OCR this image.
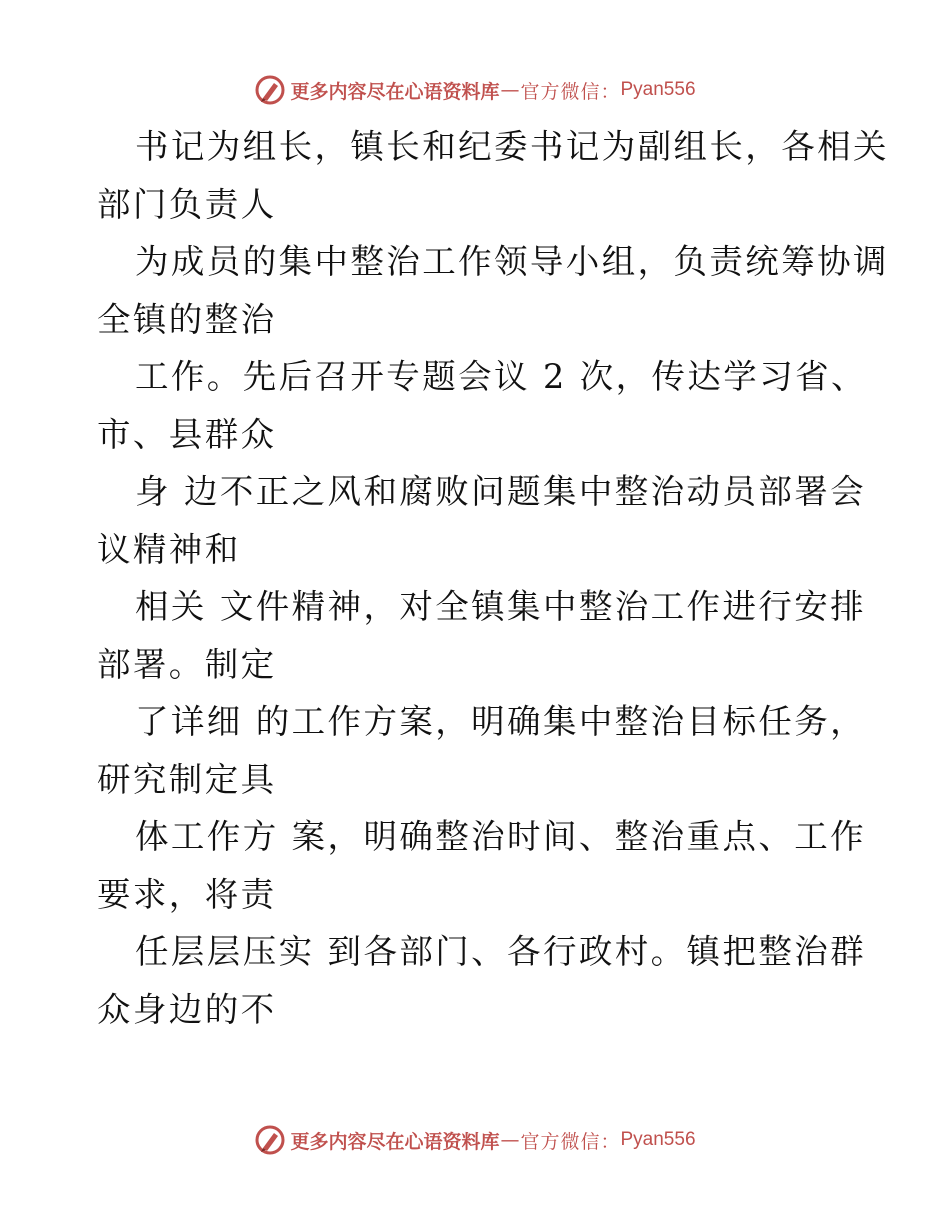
更多内容尽在心语资料库 — 官方微信： Pyan556

书记为组长，镇长和纪委书记为副组长，各相关
部门负责人

为成员的集中整治工作领导小组，负责统筹协调
全镇的整治

工作。先后召开专题会议 2 次，传达学习省、
市、县群众

身 边不正之风和腐败问题集中整治动员部署会
议精神和

相关 文件精神，对全镇集中整治工作进行安排
部署。制定

了详细 的工作方案，明确集中整治目标任务，
研究制定具

体工作方 案，明确整治时间、整治重点、工作
要求，将责

任层层压实 到各部门、各行政村。镇把整治群
众身边的不

更多内容尽在心语资料库 — 官方微信： Pyan556
